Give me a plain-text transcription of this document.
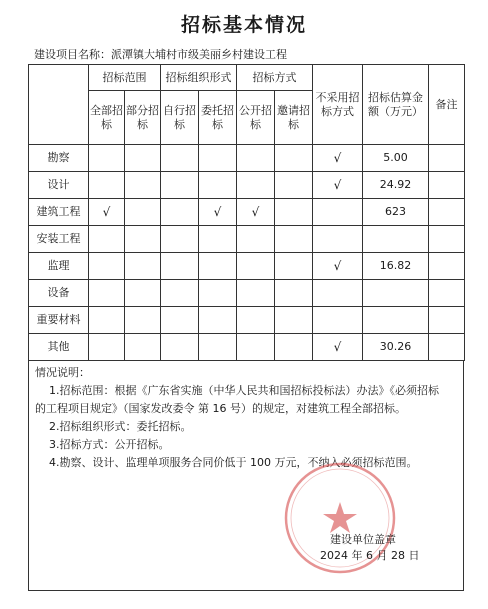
招标基本情况
建设项目名称：派潭镇大埔村市级美丽乡村建设工程
	招标范围		招标组织形式		招标方式		不采用招标方式	招标估算金额（万元）	备注
	全部招标	部分招标	自行招标	委托招标	公开招标	邀请招标			
勘察							√	5.00	
设计							√	24.92	
建筑工程	√			√	√			623	
安装工程									
监理							√	16.82	
设备									
重要材料									
其他							√	30.26	
情况说明：
1.招标范围：根据《广东省实施（中华人民共和国招标投标法）办法》《必须招标
的工程项目规定》（国家发改委令 第 16 号）的规定，对建筑工程全部招标。
2.招标组织形式：委托招标。
3.招标方式：公开招标。
4.勘察、设计、监理单项服务合同价低于 100 万元，不纳入必须招标范围。
建设单位盖章
2024 年 6 月 28 日
